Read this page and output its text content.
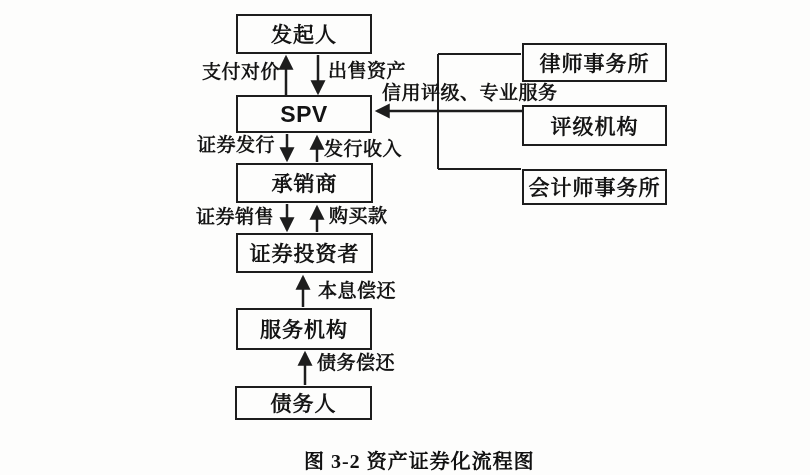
发起人
SPV
承销商
证券投资者
服务机构
债务人
律师事务所
评级机构
会计师事务所
支付对价	出售资产
信用评级、专业服务
证券发行	发行收入
证券销售	购买款
本息偿还
债务偿还
图 3-2 资产证券化流程图
